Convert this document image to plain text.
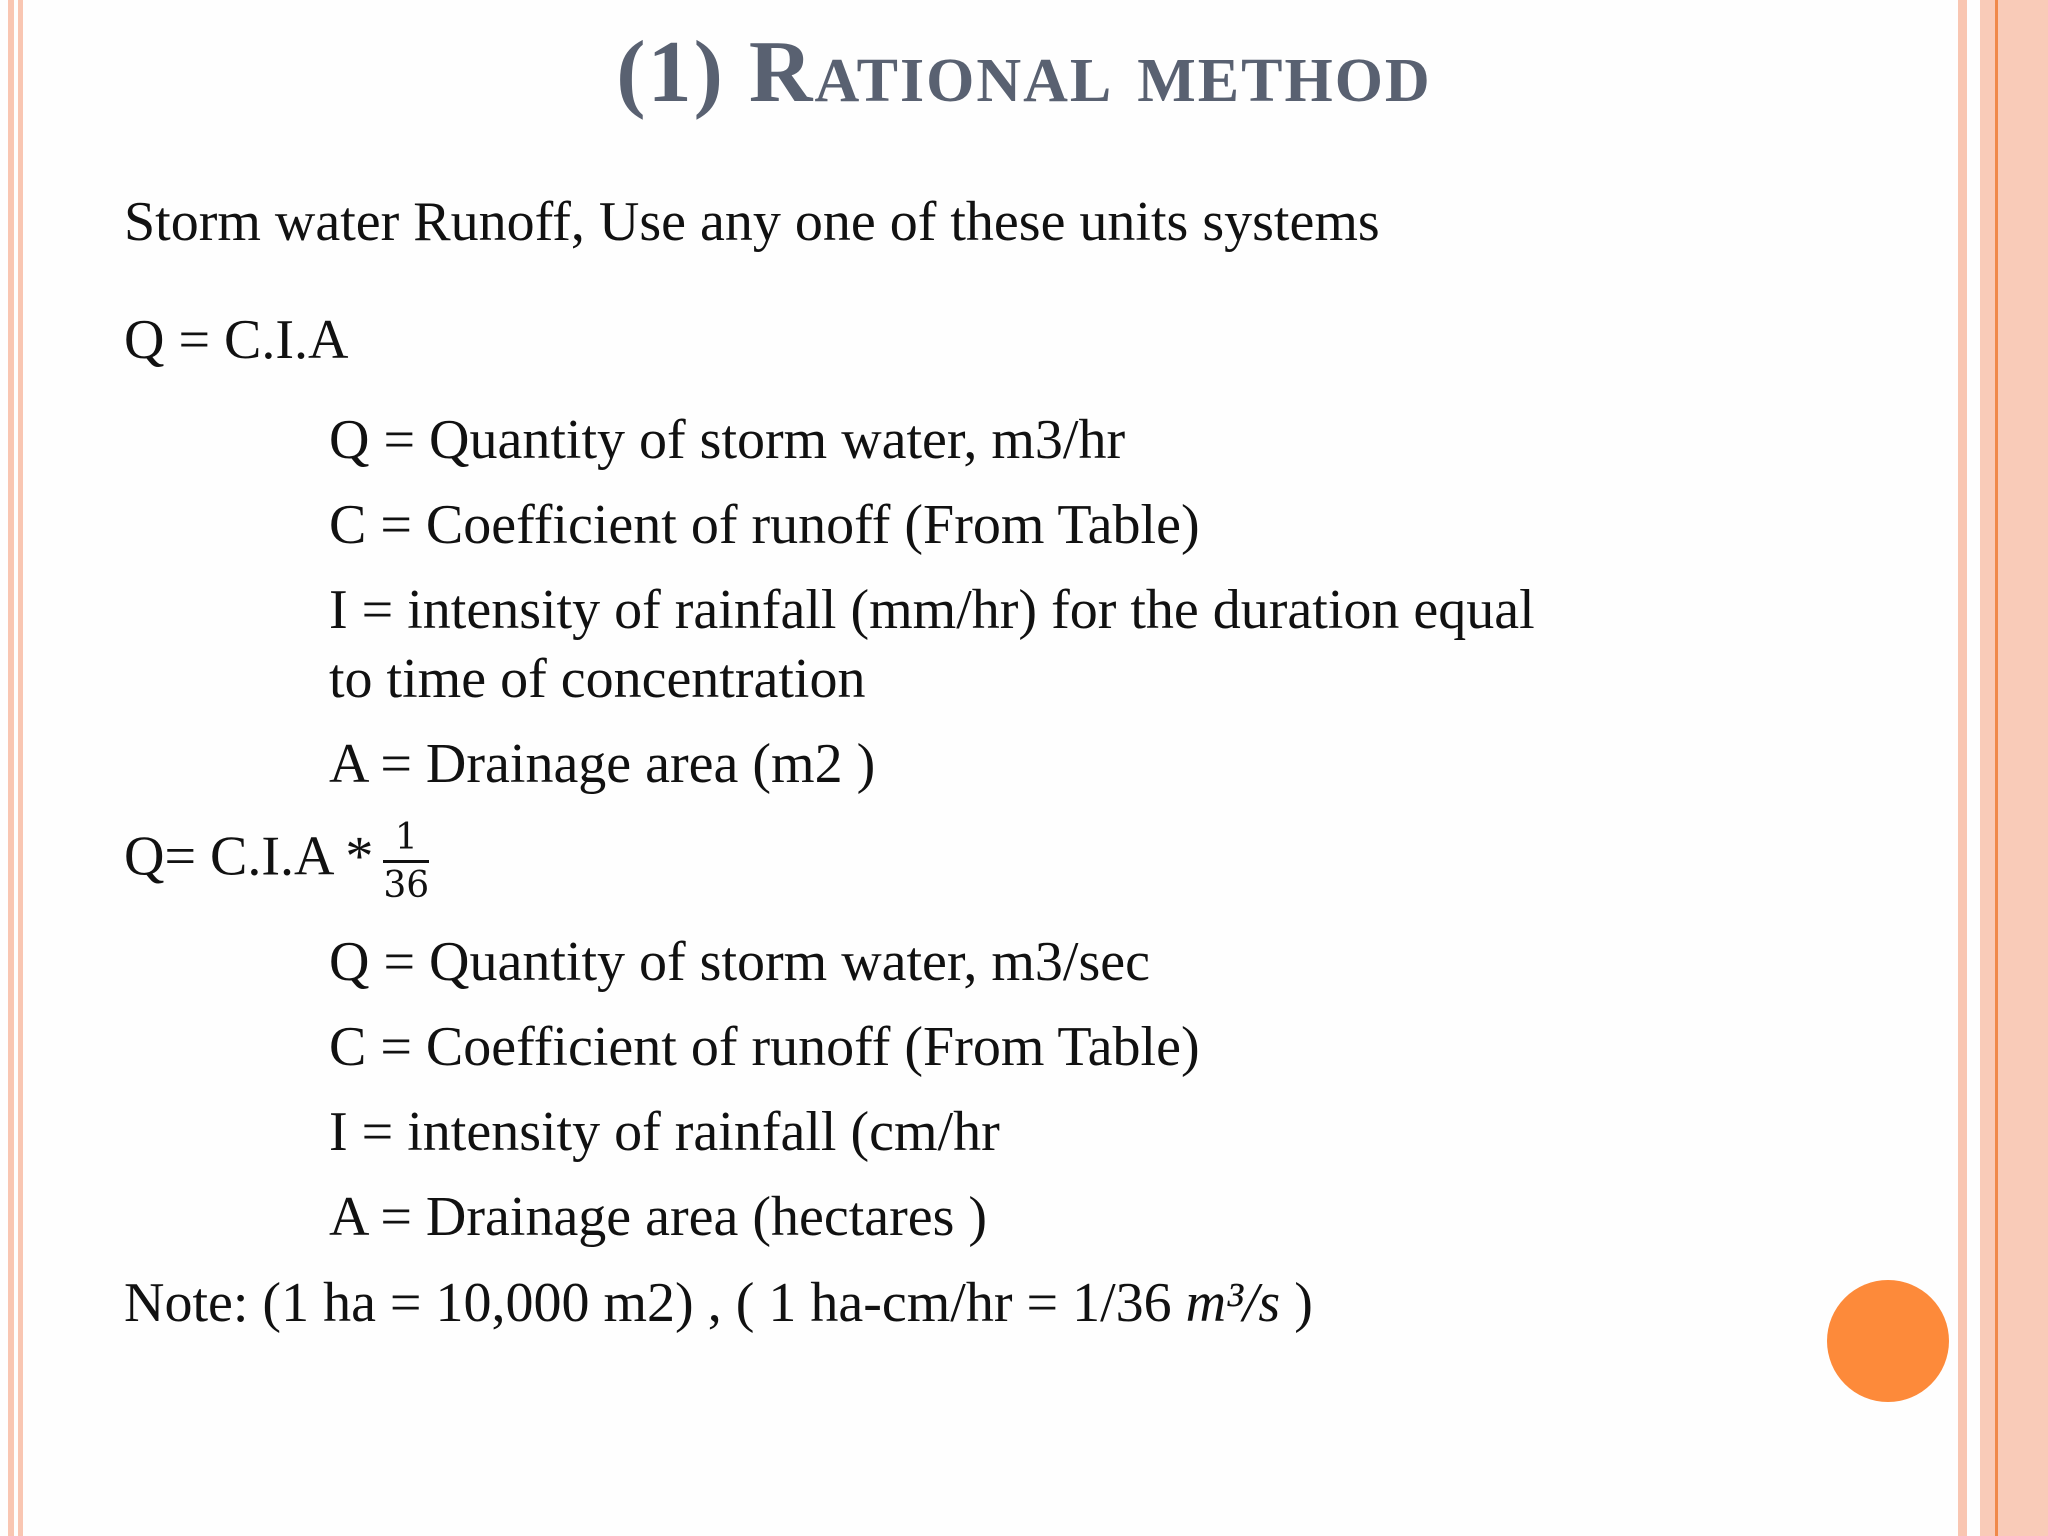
(1) Rational method
Storm water Runoff, Use any one of these units systems
Q = C.I.A
Q = Quantity of storm water, m3/hr
C = Coefficient of runoff (From Table)
I = intensity of rainfall (mm/hr) for the duration equal
to time of concentration
A = Drainage area (m2 )
$Q= C.I.A * \frac{1}{36}$
Q = Quantity of storm water, m3/sec
C = Coefficient of runoff (From Table)
I = intensity of rainfall (cm/hr
A = Drainage area (hectares )
Note: (1 ha = 10,000 m2) , ( 1 ha-cm/hr = 1/36 m³/s )
